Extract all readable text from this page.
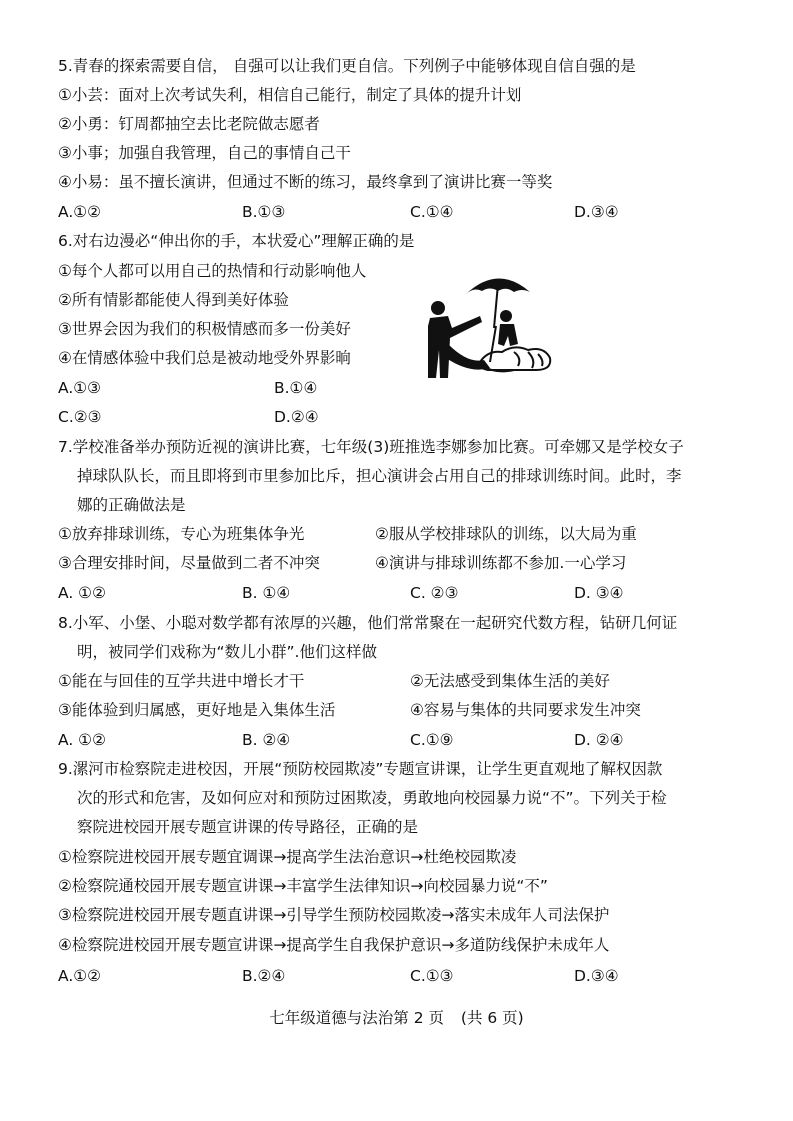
5.青春的探索需要自信， 自强可以让我们更自信。下列例子中能够体现自信自强的是
①小芸：面对上次考试失利，相信自己能行，制定了具体的提升计划
②小勇：钉周都抽空去比老院做志愿者
③小事；加强自我管理，自己的事情自己干
④小易：虽不擅长演讲，但通过不断的练习，最终拿到了演讲比赛一等奖
A.①②	B.①③	C.①④	D.③④
6.对右边漫必“伸出你的手，本状爱心”理解正确的是
①每个人都可以用自己的热情和行动影响他人
②所有情影都能使人得到美好体验
③世界会因为我们的积极情感而多一份美好
④在情感体验中我们总是被动地受外界影晌
A.①③	B.①④
C.②③	D.②④
7.学校准备举办预防近视的演讲比赛，七年级(3)班推选李娜参加比赛。可牵娜又是学校女子
掉球队队长，而且即将到市里参加比斥，担心演讲会占用自己的排球训练时间。此时，李
娜的正确做法是
①放弃排球训练，专心为班集体争光	②服从学校排球队的训练，以大局为重
③合理安排时间，尽量做到二者不冲突	④演讲与排球训练都不参加.一心学习
A. ①②	B. ①④	C. ②③	D. ③④
8.小军、小堡、小聪对数学都有浓厚的兴趣，他们常常聚在一起研究代数方程，钻研几何证
明，被同学们戏称为“数儿小群”.他们这样做
①能在与回佳的互学共进中增长才干	②无法感受到集体生活的美好
③能体验到归属感，更好地是入集体生活	④容易与集体的共同要求发生冲突
A. ①②	B. ②④	C.①⑨	D. ②④
9.漯河市检察院走进校因，开展“预防校园欺凌”专题宣讲课，让学生更直观地了解权因款
次的形式和危害，及如何应对和预防过困欺凌，勇敢地向校园暴力说“不”。下列关于检
察院进校园开展专题宣讲课的传导路径，正确的是
①检察院进校园开展专题宜调课→提高学生法治意识→杜绝校园欺凌
②检察院通校园开展专题宣讲课→丰富学生法律知识→向校园暴力说“不”
③检察院进校园开展专题直讲课→引导学生预防校园欺凌→落实未成年人司法保护
④检察院进校园开展专题宣讲课→提高学生自我保护意识→多道防线保护未成年人
A.①②	B.②④	C.①③	D.③④
七年级道德与法治第 2 页 (共 6 页)
